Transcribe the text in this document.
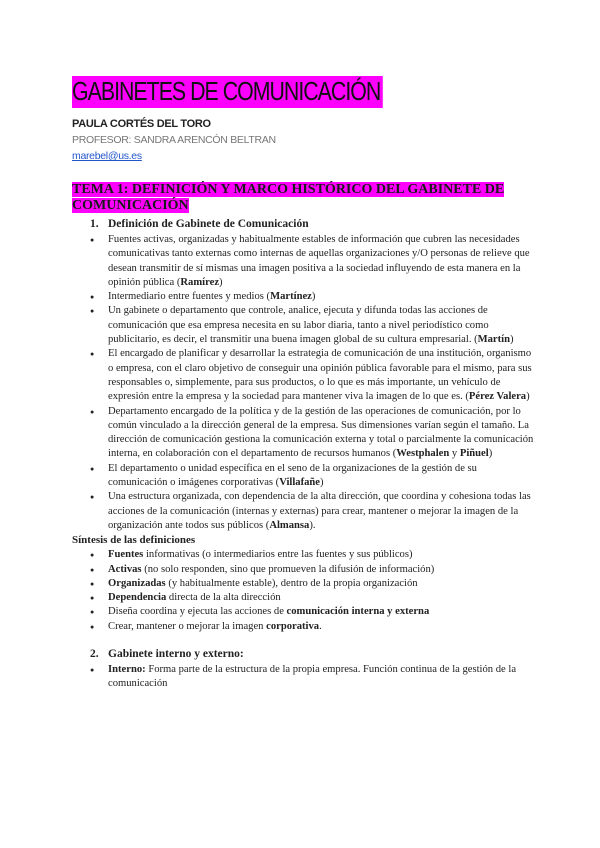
GABINETES DE COMUNICACIÓN
PAULA CORTÉS DEL TORO
PROFESOR: SANDRA ARENCÓN BELTRAN
marebel@us.es
TEMA 1: DEFINICIÓN Y MARCO HISTÓRICO DEL GABINETE DE COMUNICACIÓN
1. Definición de Gabinete de Comunicación
● Fuentes activas, organizadas y habitualmente estables de información que cubren las necesidades comunicativas tanto externas como internas de aquellas organizaciones y/O personas de relieve que desean transmitir de sí mismas una imagen positiva a la sociedad influyendo de esta manera en la opinión pública (Ramírez)
● Intermediario entre fuentes y medios (Martínez)
● Un gabinete o departamento que controle, analice, ejecuta y difunda todas las acciones de comunicación que esa empresa necesita en su labor diaria, tanto a nivel periodístico como publicitario, es decir, el transmitir una buena imagen global de su cultura empresarial. (Martín)
● El encargado de planificar y desarrollar la estrategia de comunicación de una institución, organismo o empresa, con el claro objetivo de conseguir una opinión pública favorable para el mismo, para sus responsables o, simplemente, para sus productos, o lo que es más importante, un vehículo de expresión entre la empresa y la sociedad para mantener viva la imagen de lo que es. (Pérez Valera)
● Departamento encargado de la política y de la gestión de las operaciones de comunicación, por lo común vinculado a la dirección general de la empresa. Sus dimensiones varían según el tamaño. La dirección de comunicación gestiona la comunicación externa y total o parcialmente la comunicación interna, en colaboración con el departamento de recursos humanos (Westphalen y Piñuel)
● El departamento o unidad específica en el seno de la organizaciones de la gestión de su comunicación o imágenes corporativas (Villafañe)
● Una estructura organizada, con dependencia de la alta dirección, que coordina y cohesiona todas las acciones de la comunicación (internas y externas) para crear, mantener o mejorar la imagen de la organización ante todos sus públicos (Almansa).
Síntesis de las definiciones
● Fuentes informativas (o intermediarios entre las fuentes y sus públicos)
● Activas (no solo responden, sino que promueven la difusión de información)
● Organizadas (y habitualmente estable), dentro de la propia organización
● Dependencia directa de la alta dirección
● Diseña coordina y ejecuta las acciones de comunicación interna y externa
● Crear, mantener o mejorar la imagen corporativa.
2. Gabinete interno y externo:
● Interno: Forma parte de la estructura de la propia empresa. Función continua de la gestión de la comunicación
